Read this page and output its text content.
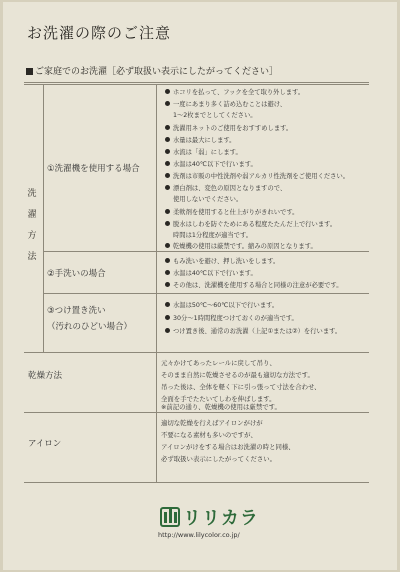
お洗濯の際のご注意
ご家庭でのお洗濯［必ず取扱い表示にしたがってください］
洗
濯
方
法
①洗濯機を使用する場合
②手洗いの場合
③つけ置き洗い
（汚れのひどい場合）
乾燥方法
アイロン
ホコリを払って、フックを全て取り外します。
一度にあまり多く詰め込むことは避け、
1～2枚までとしてください。
洗濯用ネットのご使用をおすすめします。
水量は最大にします。
水流は「弱」にします。
水温は40℃以下で行います。
洗剤は市販の中性洗剤や弱アルカリ性洗剤をご使用ください。
漂白剤は、変色の原因となりますので、
使用しないでください。
柔軟剤を使用すると仕上がりがきれいです。
脱水はしわを防ぐためにある程度たたんだ上で行います。
時間は1分程度が適当です。
乾燥機の使用は厳禁です。縮みの原因となります。
もみ洗いを避け、押し洗いをします。
水温は40℃以下で行います。
その他は、洗濯機を使用する場合と同様の注意が必要です。
水温は50℃～60℃以下で行います。
30分～1時間程度つけておくのが適当です。
つけ置き後、通常のお洗濯（上記①または②）を行います。
元々かけてあったレールに戻して吊り、
そのまま自然に乾燥させるのが最も適切な方法です。
吊った後は、全体を軽く下に引っ張って寸法を合わせ、
全面を手でたたいてしわを伸ばします。
※前記の通り、乾燥機の使用は厳禁です。
適切な乾燥を行えばアイロンがけが
不要になる素材も多いのですが、
アイロンがけをする場合はお洗濯の時と同様、
必ず取扱い表示にしたがってください。
リリカラ
http://www.lilycolor.co.jp/
